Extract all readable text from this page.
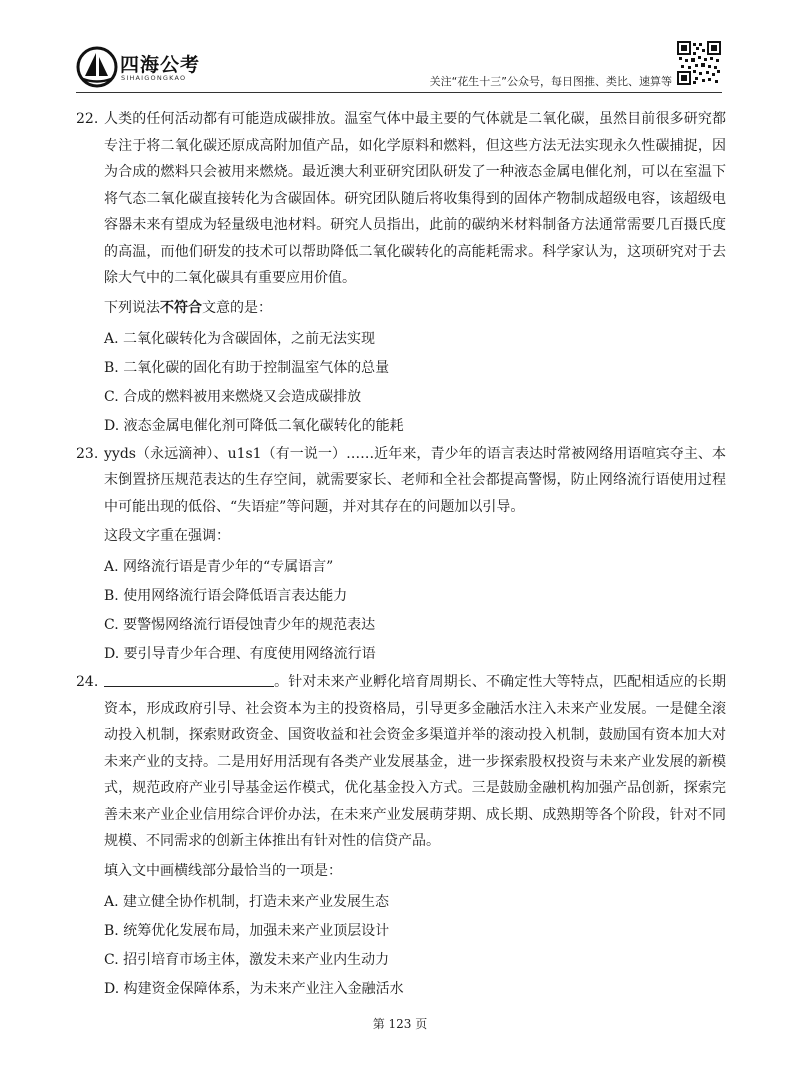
四海公考
SIHAIGONGKAO	关注“花生十三”公众号，每日图推、类比、速算等
22. 人类的任何活动都有可能造成碳排放。温室气体中最主要的气体就是二氧化碳，虽然目前很多研究都专注于将二氧化碳还原成高附加值产品，如化学原料和燃料，但这些方法无法实现永久性碳捕捉，因为合成的燃料只会被用来燃烧。最近澳大利亚研究团队研发了一种液态金属电催化剂，可以在室温下将气态二氧化碳直接转化为含碳固体。研究团队随后将收集得到的固体产物制成超级电容，该超级电容器未来有望成为轻量级电池材料。研究人员指出，此前的碳纳米材料制备方法通常需要几百摄氏度的高温，而他们研发的技术可以帮助降低二氧化碳转化的高能耗需求。科学家认为，这项研究对于去除大气中的二氧化碳具有重要应用价值。

下列说法不符合文意的是：

A. 二氧化碳转化为含碳固体，之前无法实现
B. 二氧化碳的固化有助于控制温室气体的总量
C. 合成的燃料被用来燃烧又会造成碳排放
D. 液态金属电催化剂可降低二氧化碳转化的能耗
23. yyds（永远滴神）、u1s1（有一说一）……近年来，青少年的语言表达时常被网络用语喧宾夺主、本末倒置挤压规范表达的生存空间，就需要家长、老师和全社会都提高警惕，防止网络流行语使用过程中可能出现的低俗、“失语症”等问题，并对其存在的问题加以引导。

这段文字重在强调：

A. 网络流行语是青少年的“专属语言”
B. 使用网络流行语会降低语言表达能力
C. 要警惕网络流行语侵蚀青少年的规范表达
D. 要引导青少年合理、有度使用网络流行语
24.	。针对未来产业孵化培育周期长、不确定性大等特点，匹配相适应的长期资本，形成政府引导、社会资本为主的投资格局，引导更多金融活水注入未来产业发展。一是健全滚动投入机制，探索财政资金、国资收益和社会资金多渠道并举的滚动投入机制，鼓励国有资本加大对未来产业的支持。二是用好用活现有各类产业发展基金，进一步探索股权投资与未来产业发展的新模式，规范政府产业引导基金运作模式，优化基金投入方式。三是鼓励金融机构加强产品创新，探索完善未来产业企业信用综合评价办法，在未来产业发展萌芽期、成长期、成熟期等各个阶段，针对不同规模、不同需求的创新主体推出有针对性的信贷产品。

填入文中画横线部分最恰当的一项是：

A. 建立健全协作机制，打造未来产业发展生态
B. 统筹优化发展布局，加强未来产业顶层设计
C. 招引培育市场主体，激发未来产业内生动力
D. 构建资金保障体系，为未来产业注入金融活水
第 123 页
